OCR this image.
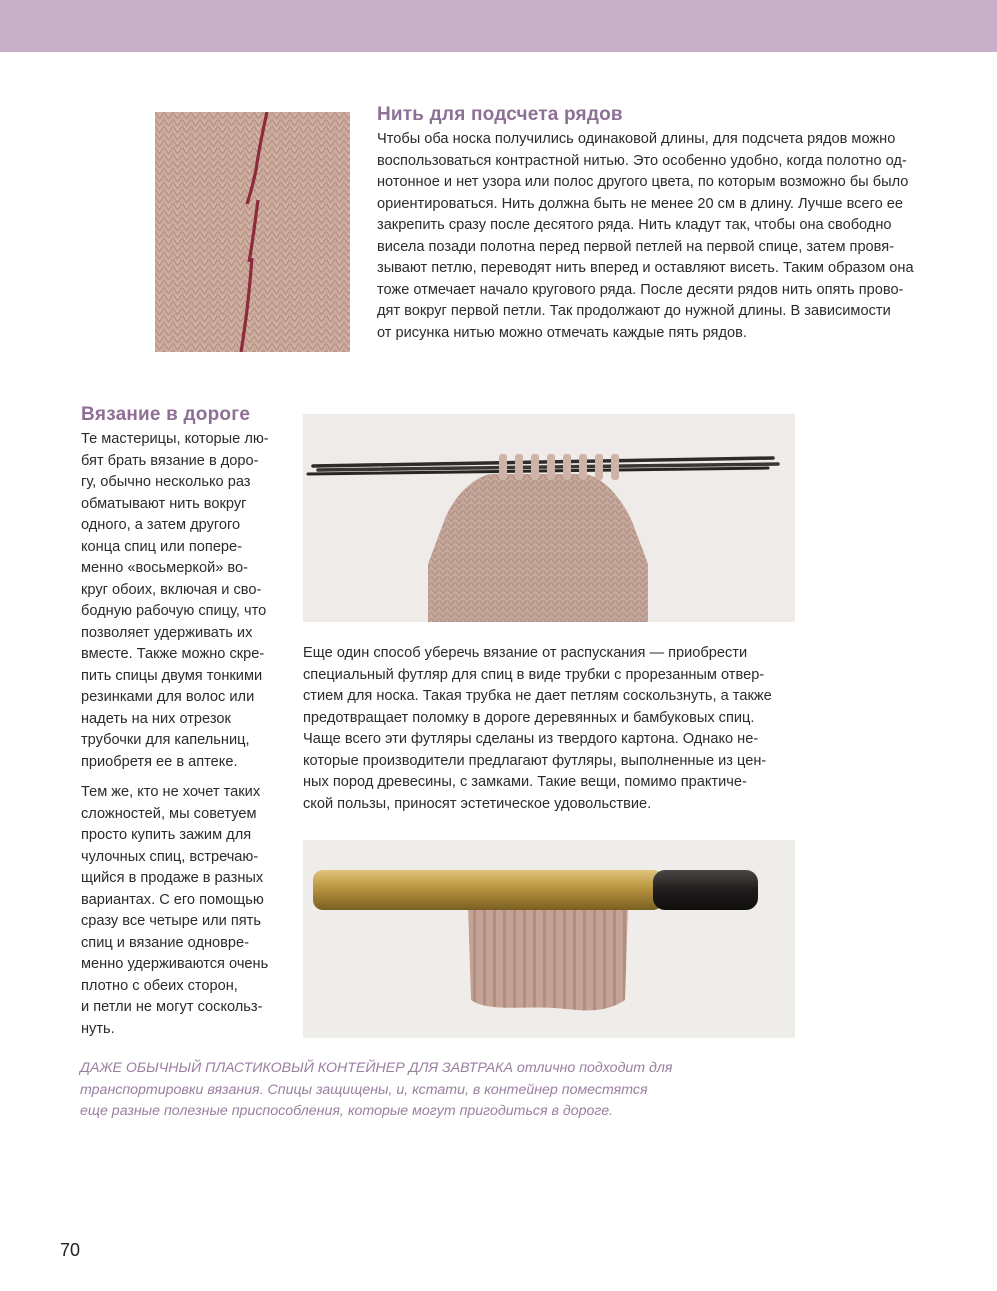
Нить для подсчета рядов

Чтобы оба носка получились одинаковой длины, для подсчета рядов можно

воспользоваться контрастной нитью. Это особенно удобно, когда полотно од-

нотонное и нет узора или полос другого цвета, по которым возможно бы было

ориентироваться. Нить должна быть не менее 20 см в длину. Лучше всего ее

закрепить сразу после десятого ряда. Нить кладут так, чтобы она свободно

висела позади полотна перед первой петлей на первой спице, затем провя-

зывают петлю, переводят нить вперед и оставляют висеть. Таким образом она

тоже отмечает начало кругового ряда. После десяти рядов нить опять прово-

дят вокруг первой петли. Так продолжают до нужной длины. В зависимости

от рисунка нитью можно отмечать каждые пять рядов.

Вязание в дороге

Те мастерицы, которые лю-

бят брать вязание в доро-

гу, обычно несколько раз

обматывают нить вокруг

одного, а затем другого

конца спиц или попере-

менно «восьмеркой» во-

круг обоих, включая и сво-

бодную рабочую спицу, что

позволяет удерживать их

вместе. Также можно скре-

пить спицы двумя тонкими

резинками для волос или

надеть на них отрезок

трубочки для капельниц,

приобретя ее в аптеке.

Тем же, кто не хочет таких

сложностей, мы советуем

просто купить зажим для

чулочных спиц, встречаю-

щийся в продаже в разных

вариантах. С его помощью

сразу все четыре или пять

спиц и вязание одновре-

менно удерживаются очень

плотно с обеих сторон,

и петли не могут соскольз-

нуть.

Еще один способ уберечь вязание от распускания — приобрести

специальный футляр для спиц в виде трубки с прорезанным отвер-

стием для носка. Такая трубка не дает петлям соскользнуть, а также

предотвращает поломку в дороге деревянных и бамбуковых спиц.

Чаще всего эти футляры сделаны из твердого картона. Однако не-

которые производители предлагают футляры, выполненные из цен-

ных пород древесины, с замками. Такие вещи, помимо практиче-

ской пользы, приносят эстетическое удовольствие.

ДАЖЕ ОБЫЧНЫЙ ПЛАСТИКОВЫЙ КОНТЕЙНЕР ДЛЯ ЗАВТРАКА отлично подходит для
транспортировки вязания. Спицы защищены, и, кстати, в контейнер поместятся
еще разные полезные приспособления, которые могут пригодиться в дороге.
70
